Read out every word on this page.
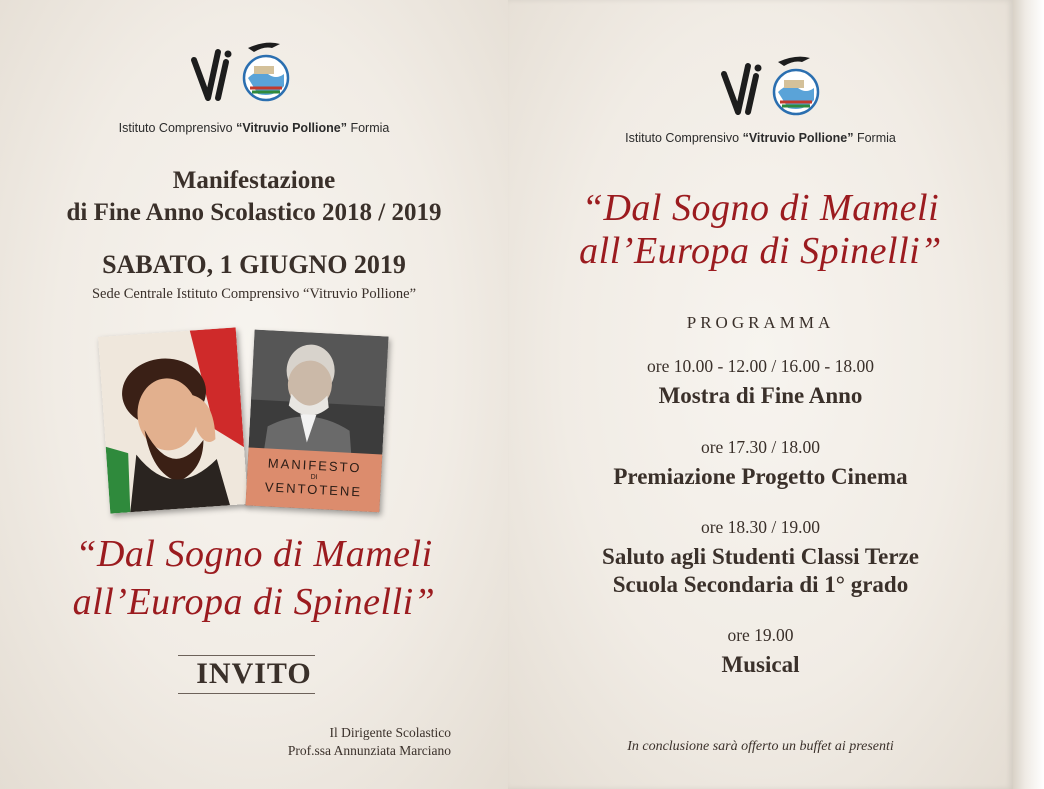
Istituto Comprensivo “Vitruvio Pollione” Formia
Manifestazione
di Fine Anno Scolastico 2018 / 2019
SABATO, 1 GIUGNO 2019
Sede Centrale Istituto Comprensivo “Vitruvio Pollione”
MANIFESTO
DI
VENTOTENE
“Dal Sogno di Mameli
all’Europa di Spinelli”
INVITO
Il Dirigente Scolastico
Prof.ssa Annunziata Marciano
Istituto Comprensivo “Vitruvio Pollione” Formia
“Dal Sogno di Mameli
all’Europa di Spinelli”
PROGRAMMA
ore 10.00 - 12.00 / 16.00 - 18.00
Mostra di Fine Anno
ore 17.30 / 18.00
Premiazione Progetto Cinema
ore 18.30 / 19.00
Saluto agli Studenti Classi Terze
Scuola Secondaria di 1° grado
ore 19.00
Musical
In conclusione sarà offerto un buffet ai presenti
